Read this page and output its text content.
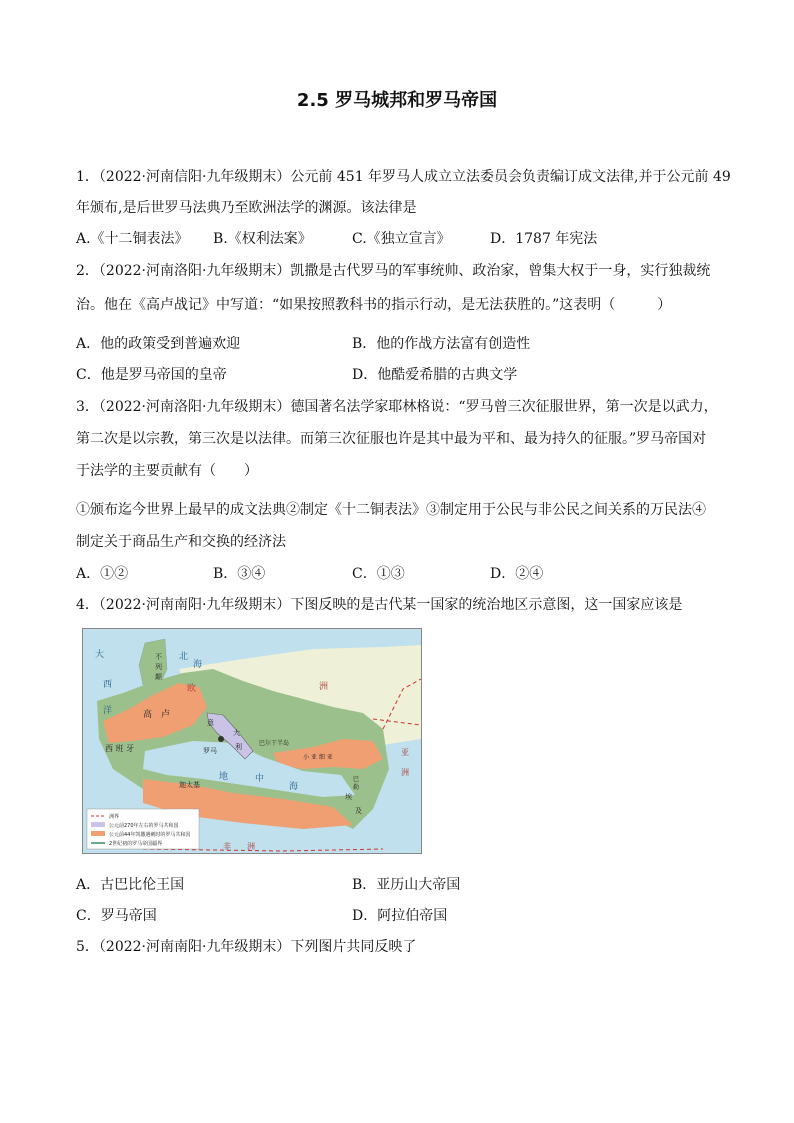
2.5 罗马城邦和罗马帝国
1．（2022·河南信阳·九年级期末）公元前 451 年罗马人成立立法委员会负责编订成文法律,并于公元前 49
年颁布,是后世罗马法典乃至欧洲法学的渊源。该法律是
A.《十二铜表法》 B.《权利法案》	C.《独立宣言》	D．1787 年宪法
2．（2022·河南洛阳·九年级期末）凯撒是古代罗马的军事统帅、政治家，曾集大权于一身，实行独裁统
治。他在《高卢战记》中写道：“如果按照教科书的指示行动，是无法获胜的。”这表明（　　　）
A．他的政策受到普遍欢迎	B．他的作战方法富有创造性
C．他是罗马帝国的皇帝	D．他酷爱希腊的古典文学
3．（2022·河南洛阳·九年级期末）德国著名法学家耶林格说：“罗马曾三次征服世界，第一次是以武力，
第二次是以宗教，第三次是以法律。而第三次征服也许是其中最为平和、最为持久的征服。”罗马帝国对
于法学的主要贡献有（　　）
①颁布迄今世界上最早的成文法典②制定《十二铜表法》③制定用于公民与非公民之间关系的万民法④
制定关于商品生产和交换的经济法
A．①②	B．③④	C．①③	D．②④
4．（2022·河南南阳·九年级期末）下图反映的是古代某一国家的统治地区示意图，这一国家应该是
大
西
洋
不
列
颠
北
海
欧	洲
高　卢
西 班 牙
意
大
利
罗马
巴尔干半岛
小 亚 细 亚
地	中
海
迦太基
埃
及
非　　洲
亚
洲
巴
勒
洲界
公元前270年左右的罗马共和国
公元前44年凯撒遇刺时的罗马共和国
2世纪初的罗马帝国疆界
A．古巴比伦王国	B．亚历山大帝国
C．罗马帝国	D．阿拉伯帝国
5．（2022·河南南阳·九年级期末）下列图片共同反映了
